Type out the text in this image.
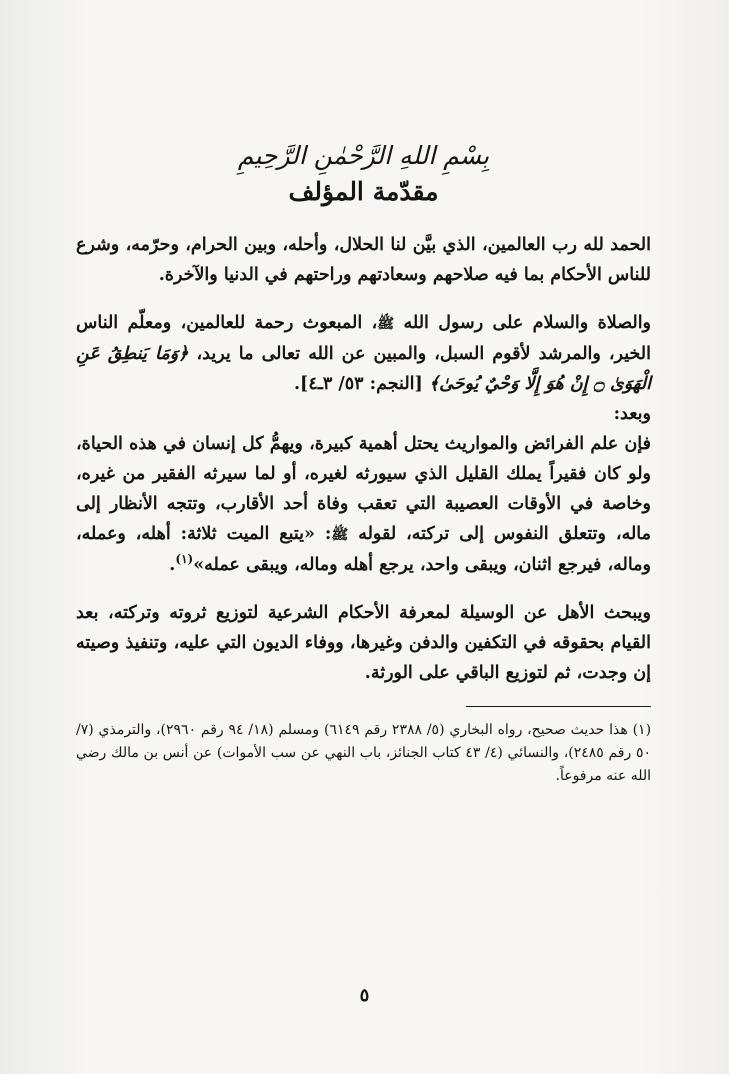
بِسْمِ اللهِ الرَّحْمٰنِ الرَّحِيمِ

مقدّمة المؤلف

الحمد لله رب العالمين، الذي بيَّن لنا الحلال، وأحله، وبين الحرام، وحرّمه، وشرع للناس الأحكام بما فيه صلاحهم وسعادتهم وراحتهم في الدنيا والآخرة.

والصلاة والسلام على رسول الله ﷺ، المبعوث رحمة للعالمين، ومعلّم الناس الخير، والمرشد لأقوم السبل، والمبين عن الله تعالى ما يريد، ﴿وَمَا يَنطِقُ عَنِ الْهَوَىٰ ۝ إِنْ هُوَ إِلَّا وَحْيٌ يُوحَىٰ﴾ [النجم: ٥٣/ ٣ـ٤].

وبعد:

فإن علم الفرائض والمواريث يحتل أهمية كبيرة، ويهمُّ كل إنسان في هذه الحياة، ولو كان فقيراً يملك القليل الذي سيورثه لغيره، أو لما سيرثه الفقير من غيره، وخاصة في الأوقات العصيبة التي تعقب وفاة أحد الأقارب، وتتجه الأنظار إلى ماله، وتتعلق النفوس إلى تركته، لقوله ﷺ: «يتبع الميت ثلاثة: أهله، وعمله، وماله، فيرجع اثنان، ويبقى واحد، يرجع أهله وماله، ويبقى عمله»$^{(١)}$.

ويبحث الأهل عن الوسيلة لمعرفة الأحكام الشرعية لتوزيع ثروته وتركته، بعد القيام بحقوقه في التكفين والدفن وغيرها، ووفاء الديون التي عليه، وتنفيذ وصيته إن وجدت، ثم لتوزيع الباقي على الورثة.

(١) هذا حديث صحيح، رواه البخاري (٥/ ٢٣٨٨ رقم ٦١٤٩) ومسلم (١٨/ ٩٤ رقم ٢٩٦٠)، والترمذي (٧/ ٥٠ رقم ٢٤٨٥)، والنسائي (٤/ ٤٣ كتاب الجنائز، باب النهي عن سب الأموات) عن أنس بن مالك رضي الله عنه مرفوعاً.

٥
